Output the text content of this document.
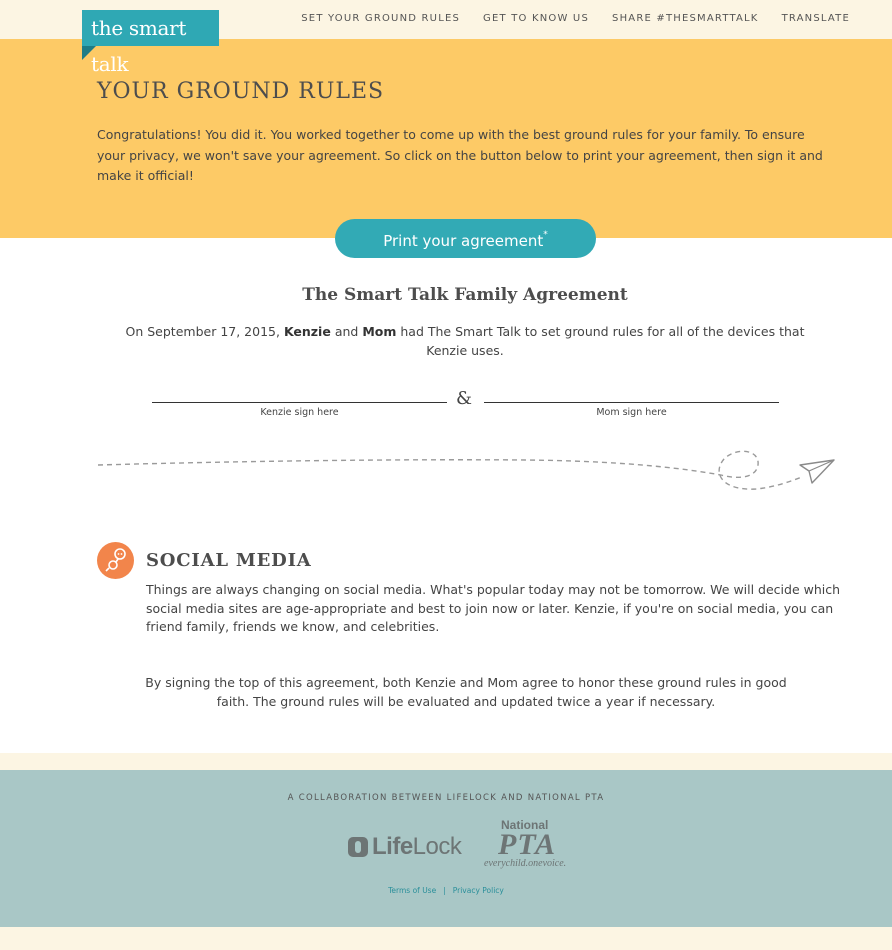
the smart talk
SET YOUR GROUND RULES GET TO KNOW US SHARE #THESMARTTALK TRANSLATE
YOUR GROUND RULES

Congratulations! You did it. You worked together to come up with the best ground rules for your family. To ensure your privacy, we won't save your agreement. So click on the button below to print your agreement, then sign it and make it official!

Print your agreement*
The Smart Talk Family Agreement

On September 17, 2015, Kenzie and Mom had The Smart Talk to set ground rules for all of the devices that Kenzie uses.

&
Kenzie sign here	Mom sign here
SOCIAL MEDIA

Things are always changing on social media. What's popular today may not be tomorrow. We will decide which social media sites are age-appropriate and best to join now or later. Kenzie, if you're on social media, you can friend family, friends we know, and celebrities.

By signing the top of this agreement, both Kenzie and Mom agree to honor these ground rules in good faith. The ground rules will be evaluated and updated twice a year if necessary.

A COLLABORATION BETWEEN LIFELOCK AND NATIONAL PTA
LifeLock
National
PTA
everychild.onevoice.
Terms of Use | Privacy Policy
